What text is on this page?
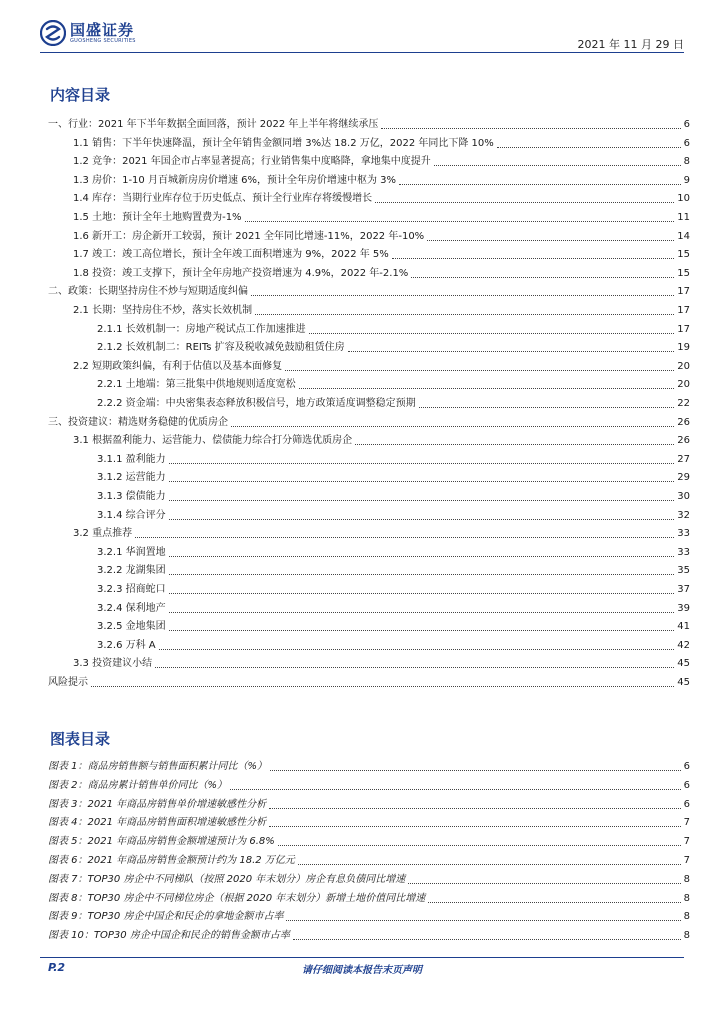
国盛证券
GUOSHENG SECURITIES	2021 年 11 月 29 日
内容目录
一、行业：2021 年下半年数据全面回落，预计 2022 年上半年将继续承压	6
1.1 销售：下半年快速降温，预计全年销售金额同增 3%达 18.2 万亿，2022 年同比下降 10%	6
1.2 竞争：2021 年国企市占率显著提高；行业销售集中度略降，拿地集中度提升	8
1.3 房价：1-10 月百城新房房价增速 6%，预计全年房价增速中枢为 3%	9
1.4 库存：当期行业库存位于历史低点、预计全行业库存将缓慢增长	10
1.5 土地：预计全年土地购置费为-1%	11
1.6 新开工：房企新开工较弱，预计 2021 全年同比增速-11%，2022 年-10%	14
1.7 竣工：竣工高位增长，预计全年竣工面积增速为 9%，2022 年 5%	15
1.8 投资：竣工支撑下，预计全年房地产投资增速为 4.9%，2022 年-2.1%	15
二、政策：长期坚持房住不炒与短期适度纠偏	17
2.1 长期：坚持房住不炒，落实长效机制	17
2.1.1 长效机制一：房地产税试点工作加速推进	17
2.1.2 长效机制二：REITs 扩容及税收减免鼓励租赁住房	19
2.2 短期政策纠偏，有利于估值以及基本面修复	20
2.2.1 土地端：第三批集中供地规则适度宽松	20
2.2.2 资金端：中央密集表态释放积极信号，地方政策适度调整稳定预期	22
三、投资建议：精选财务稳健的优质房企	26
3.1 根据盈利能力、运营能力、偿债能力综合打分筛选优质房企	26
3.1.1 盈利能力	27
3.1.2 运营能力	29
3.1.3 偿债能力	30
3.1.4 综合评分	32
3.2 重点推荐	33
3.2.1 华润置地	33
3.2.2 龙湖集团	35
3.2.3 招商蛇口	37
3.2.4 保利地产	39
3.2.5 金地集团	41
3.2.6 万科 A	42
3.3 投资建议小结	45
风险提示	45
图表目录
图表 1：商品房销售额与销售面积累计同比（%）	6
图表 2：商品房累计销售单价同比（%）	6
图表 3：2021 年商品房销售单价增速敏感性分析	6
图表 4：2021 年商品房销售面积增速敏感性分析	7
图表 5：2021 年商品房销售金额增速预计为 6.8%	7
图表 6：2021 年商品房销售金额预计约为 18.2 万亿元	7
图表 7：TOP30 房企中不同梯队（按照 2020 年末划分）房企有息负债同比增速	8
图表 8：TOP30 房企中不同梯位房企（根据 2020 年末划分）新增土地价值同比增速	8
图表 9：TOP30 房企中国企和民企的拿地金额市占率	8
图表 10：TOP30 房企中国企和民企的销售金额市占率	8
P.2	请仔细阅读本报告末页声明
